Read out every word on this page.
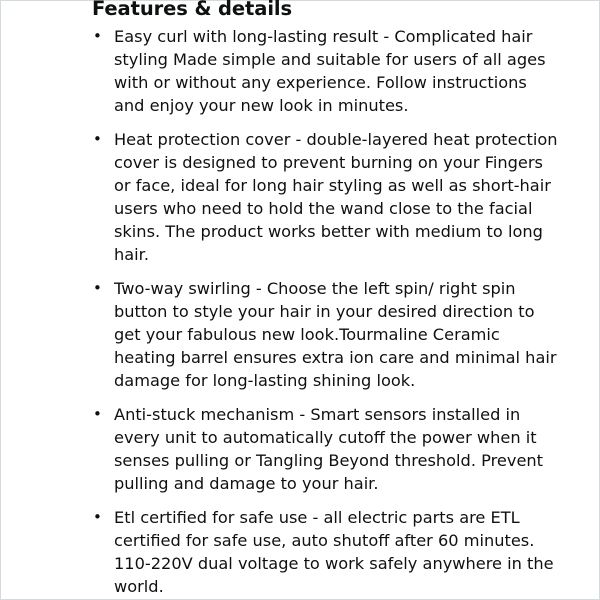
Features & details
• Easy curl with long-lasting result - Complicated hair styling Made simple and suitable for users of all ages with or without any experience. Follow instructions and enjoy your new look in minutes.
• Heat protection cover - double-layered heat protection cover is designed to prevent burning on your Fingers or face, ideal for long hair styling as well as short-hair users who need to hold the wand close to the facial skins. The product works better with medium to long hair.
• Two-way swirling - Choose the left spin/ right spin button to style your hair in your desired direction to get your fabulous new look.Tourmaline Ceramic heating barrel ensures extra ion care and minimal hair damage for long-lasting shining look.
• Anti-stuck mechanism - Smart sensors installed in every unit to automatically cutoff the power when it senses pulling or Tangling Beyond threshold. Prevent pulling and damage to your hair.
• Etl certified for safe use - all electric parts are ETL certified for safe use, auto shutoff after 60 minutes. 110-220V dual voltage to work safely anywhere in the world.
